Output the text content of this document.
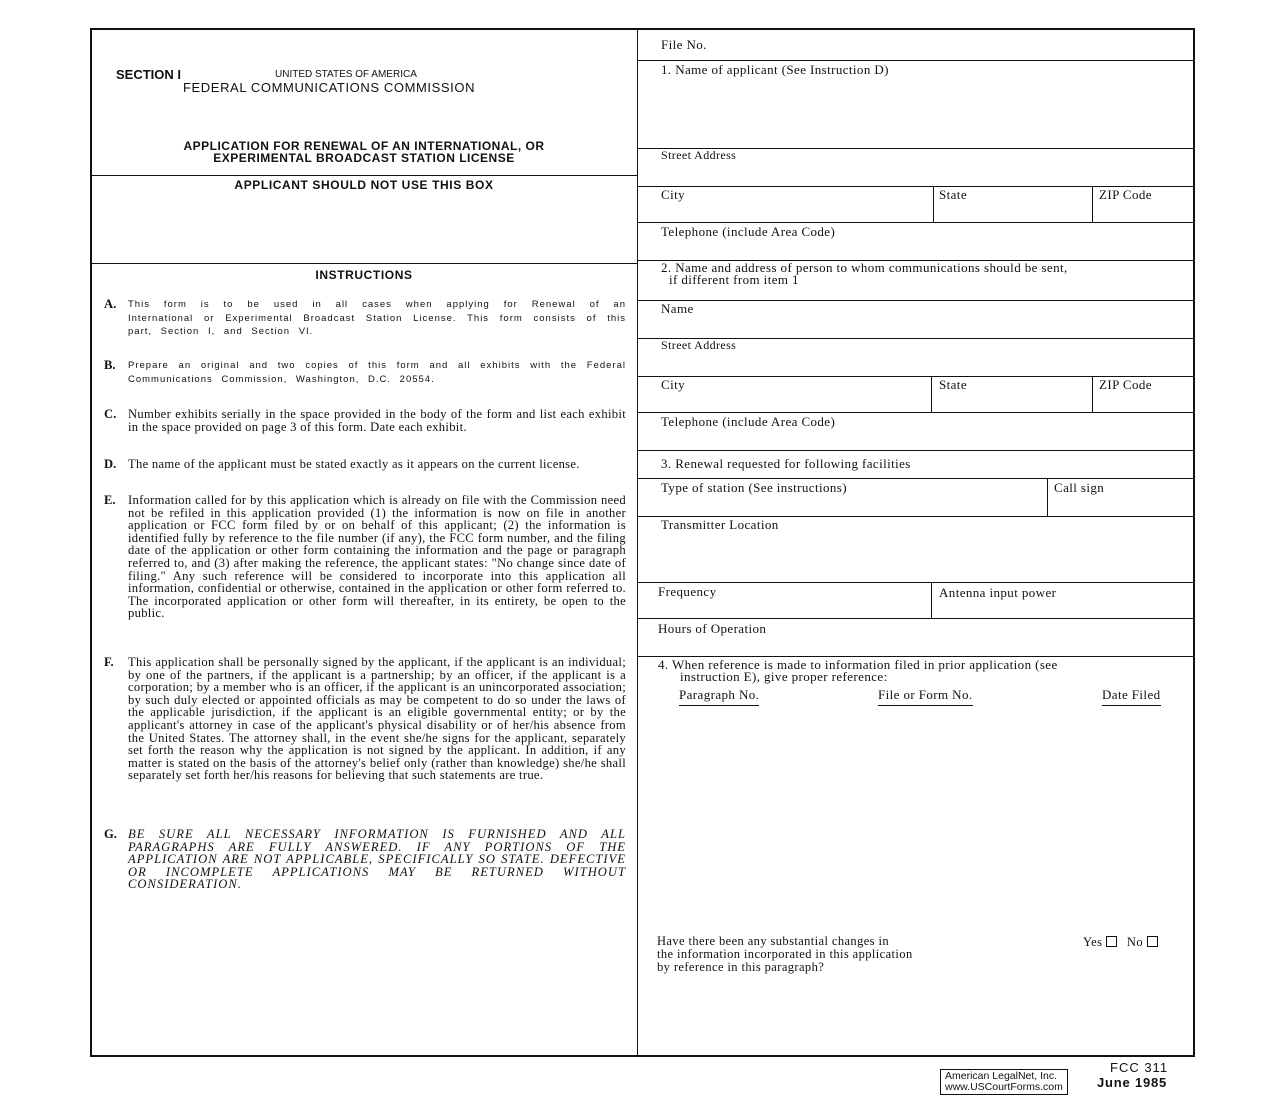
SECTION I	UNITED STATES OF AMERICA
FEDERAL COMMUNICATIONS COMMISSION
APPLICATION FOR RENEWAL OF AN INTERNATIONAL, OR
EXPERIMENTAL BROADCAST STATION LICENSE
APPLICANT SHOULD NOT USE THIS BOX
INSTRUCTIONS
A. This form is to be used in all cases when applying for Renewal of an International or Experimental Broadcast Station License. This form consists of this part, Section I, and Section VI.
B. Prepare an original and two copies of this form and all exhibits with the Federal Communications Commission, Washington, D.C. 20554.
C. Number exhibits serially in the space provided in the body of the form and list each exhibit in the space provided on page 3 of this form. Date each exhibit.
D. The name of the applicant must be stated exactly as it appears on the current license.
E. Information called for by this application which is already on file with the Commission need not be refiled in this application provided (1) the information is now on file in another application or FCC form filed by or on behalf of this applicant; (2) the information is identified fully by reference to the file number (if any), the FCC form number, and the filing date of the application or other form containing the information and the page or paragraph referred to, and (3) after making the reference, the applicant states: "No change since date of filing." Any such reference will be considered to incorporate into this application all information, confidential or otherwise, contained in the application or other form referred to. The incorporated application or other form will thereafter, in its entirety, be open to the public.
F. This application shall be personally signed by the applicant, if the applicant is an individual; by one of the partners, if the applicant is a partnership; by an officer, if the applicant is a corporation; by a member who is an officer, if the applicant is an unincorporated association; by such duly elected or appointed officials as may be competent to do so under the laws of the applicable jurisdiction, if the applicant is an eligible governmental entity; or by the applicant's attorney in case of the applicant's physical disability or of her/his absence from the United States. The attorney shall, in the event she/he signs for the applicant, separately set forth the reason why the application is not signed by the applicant. In addition, if any matter is stated on the basis of the attorney's belief only (rather than knowledge) she/he shall separately set forth her/his reasons for believing that such statements are true.
G. BE SURE ALL NECESSARY INFORMATION IS FURNISHED AND ALL PARAGRAPHS ARE FULLY ANSWERED. IF ANY PORTIONS OF THE APPLICATION ARE NOT APPLICABLE, SPECIFICALLY SO STATE. DEFECTIVE OR INCOMPLETE APPLICATIONS MAY BE RETURNED WITHOUT CONSIDERATION.
File No.
1. Name of applicant (See Instruction D)
Street Address
City	State	ZIP Code
Telephone (include Area Code)
2. Name and address of person to whom communications should be sent,
if different from item 1
Name
Street Address
City	State	ZIP Code
Telephone (include Area Code)
3. Renewal requested for following facilities
Type of station (See instructions)	Call sign
Transmitter Location
Frequency	Antenna input power
Hours of Operation
4. When reference is made to information filed in prior application (see
instruction E), give proper reference:
Paragraph No.	File or Form No.	Date Filed
Have there been any substantial changes in
the information incorporated in this application
by reference in this paragraph?
Yes No
American LegalNet, Inc.
www.USCourtForms.com
FCC 311
June 1985
